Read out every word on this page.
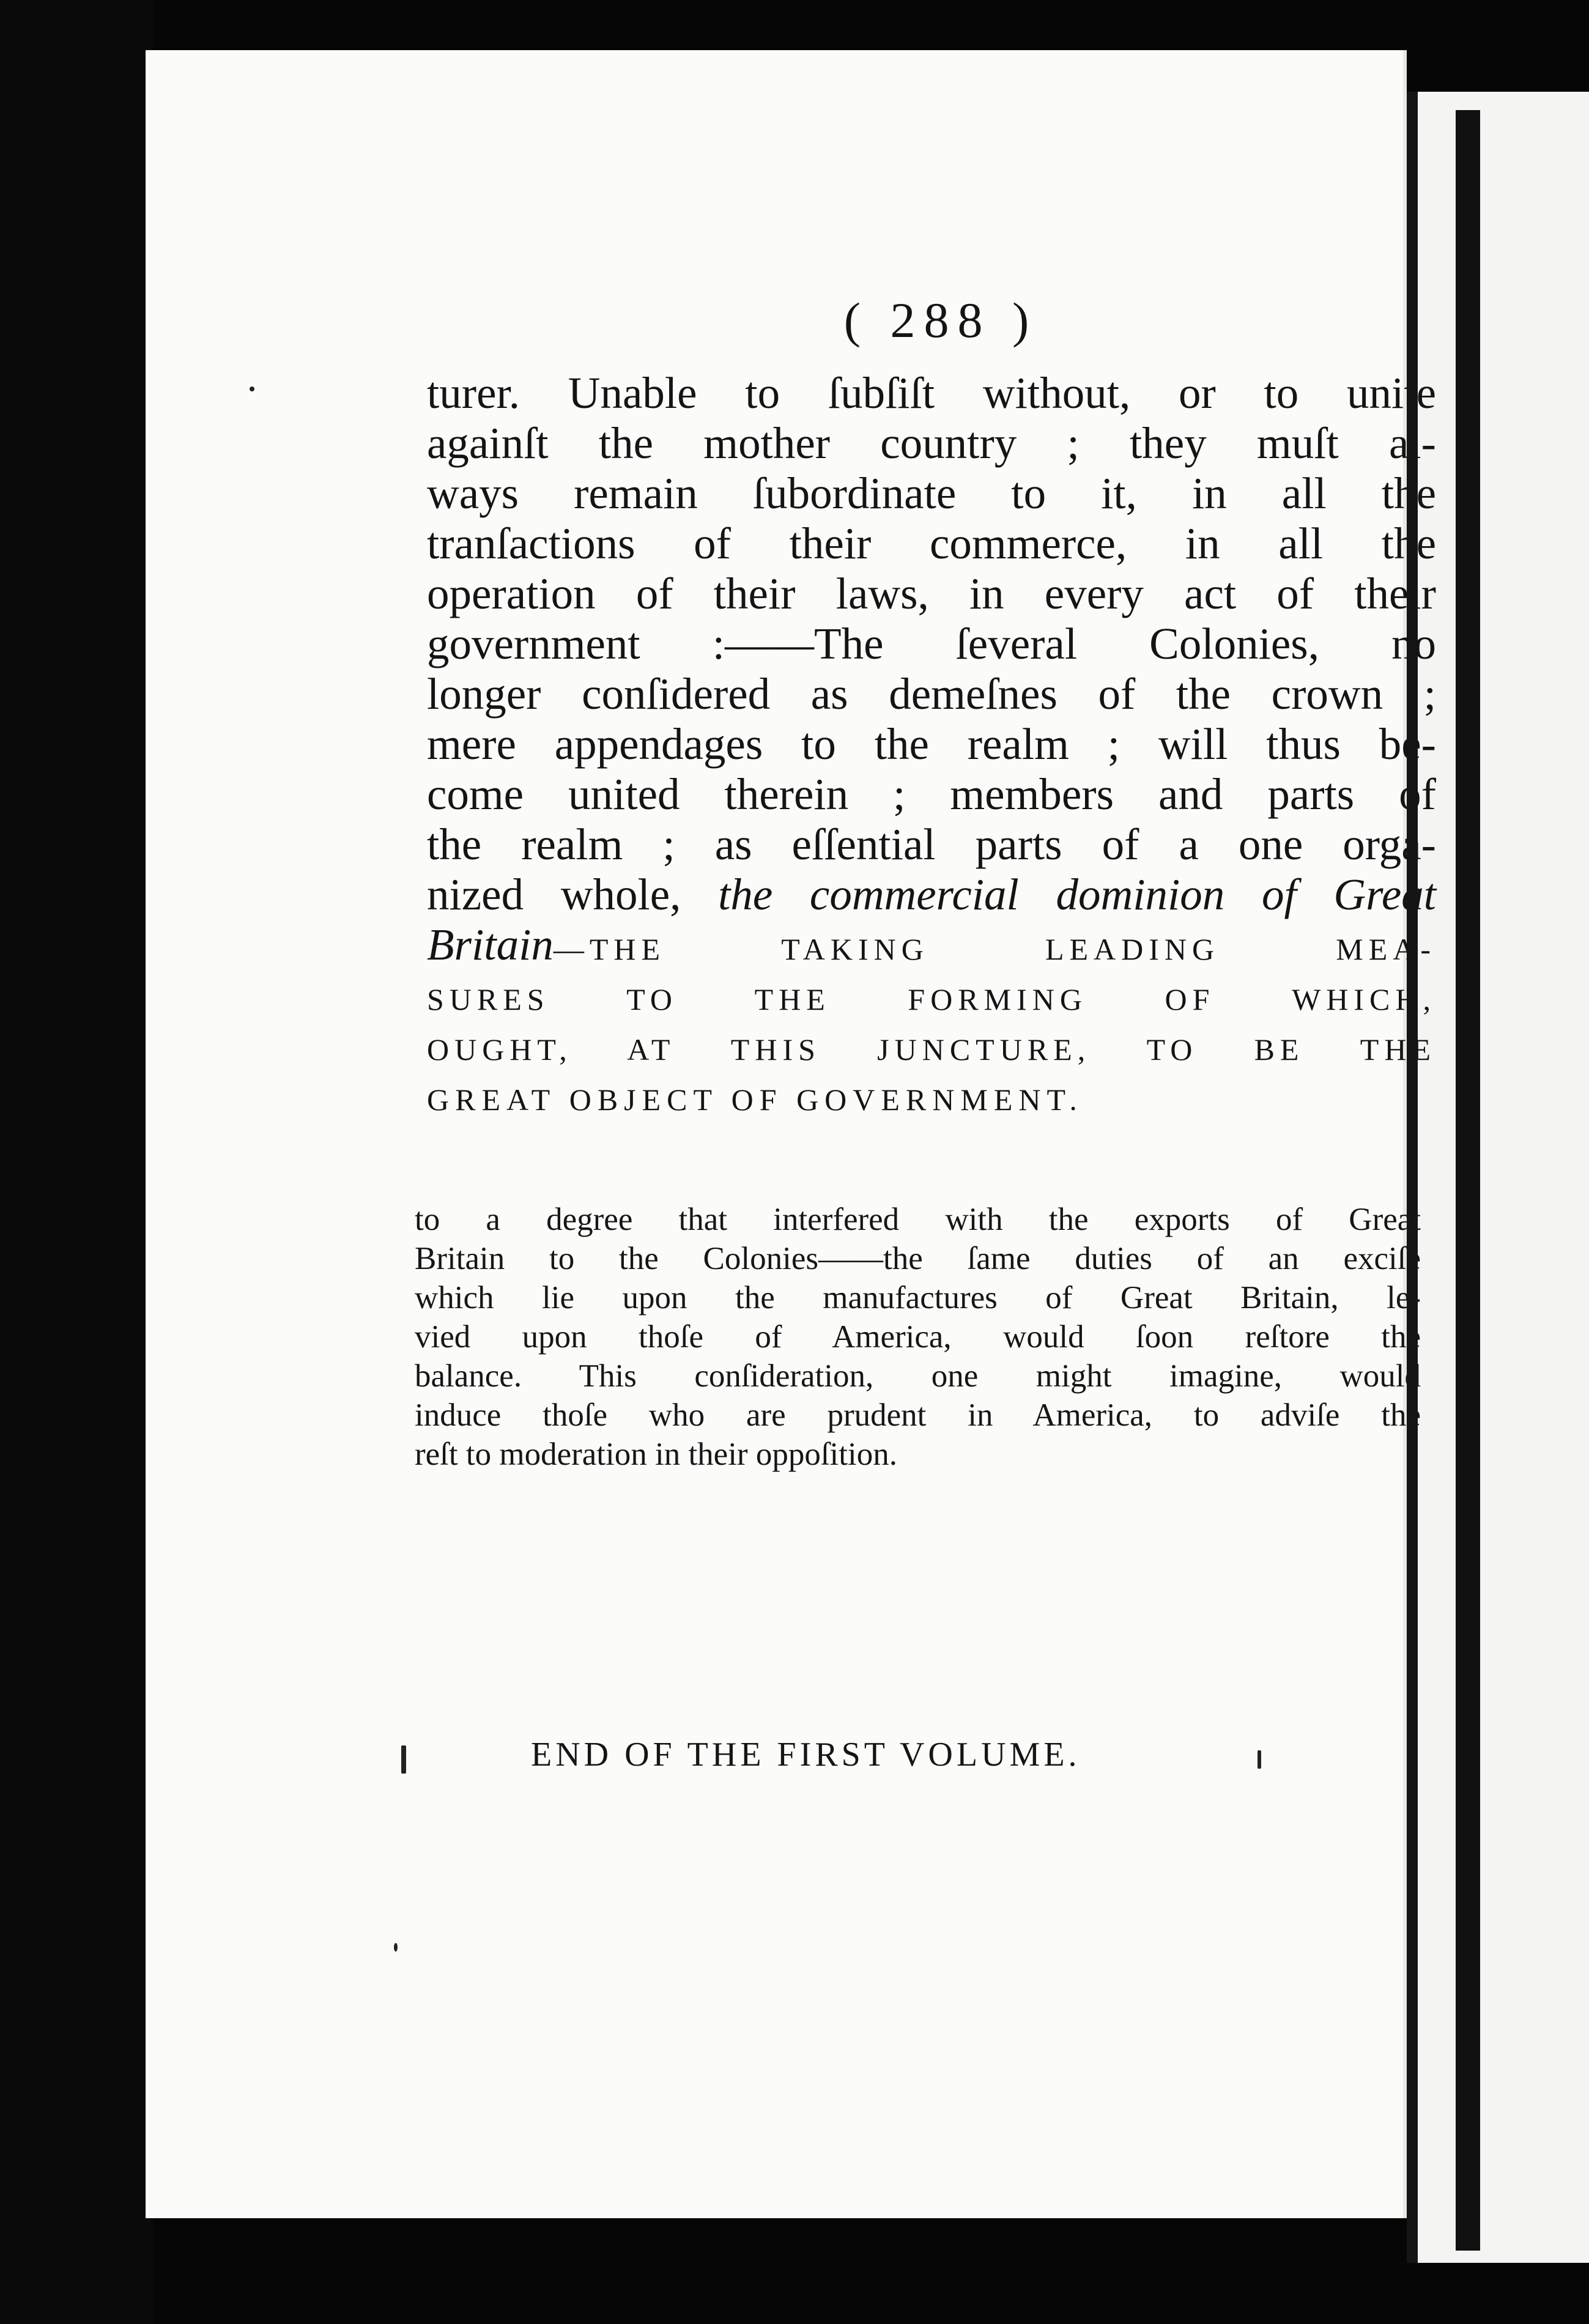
( 288 )
turer. Unable to ſubſiſt without, or to unite
againſt the mother country ; they muſt al-
ways remain ſubordinate to it, in all the
tranſactions of their commerce, in all the
operation of their laws, in every act of their
government :——The ſeveral Colonies, no
longer conſidered as demeſnes of the crown ;
mere appendages to the realm ; will thus be-
come united therein ; members and parts of
the realm ; as eſſential parts of a one orga-
nized whole, the commercial dominion of Great
Britain—THE TAKING LEADING MEA-
SURES TO THE FORMING OF WHICH,
OUGHT, AT THIS JUNCTURE, TO BE THE
GREAT OBJECT OF GOVERNMENT.
to a degree that interfered with the exports of Great
Britain to the Colonies——the ſame duties of an exciſe
which lie upon the manufactures of Great Britain, le-
vied upon thoſe of America, would ſoon reſtore the
balance. This conſideration, one might imagine, would
induce thoſe who are prudent in America, to adviſe the
reſt to moderation in their oppoſition.
END OF THE FIRST VOLUME.
